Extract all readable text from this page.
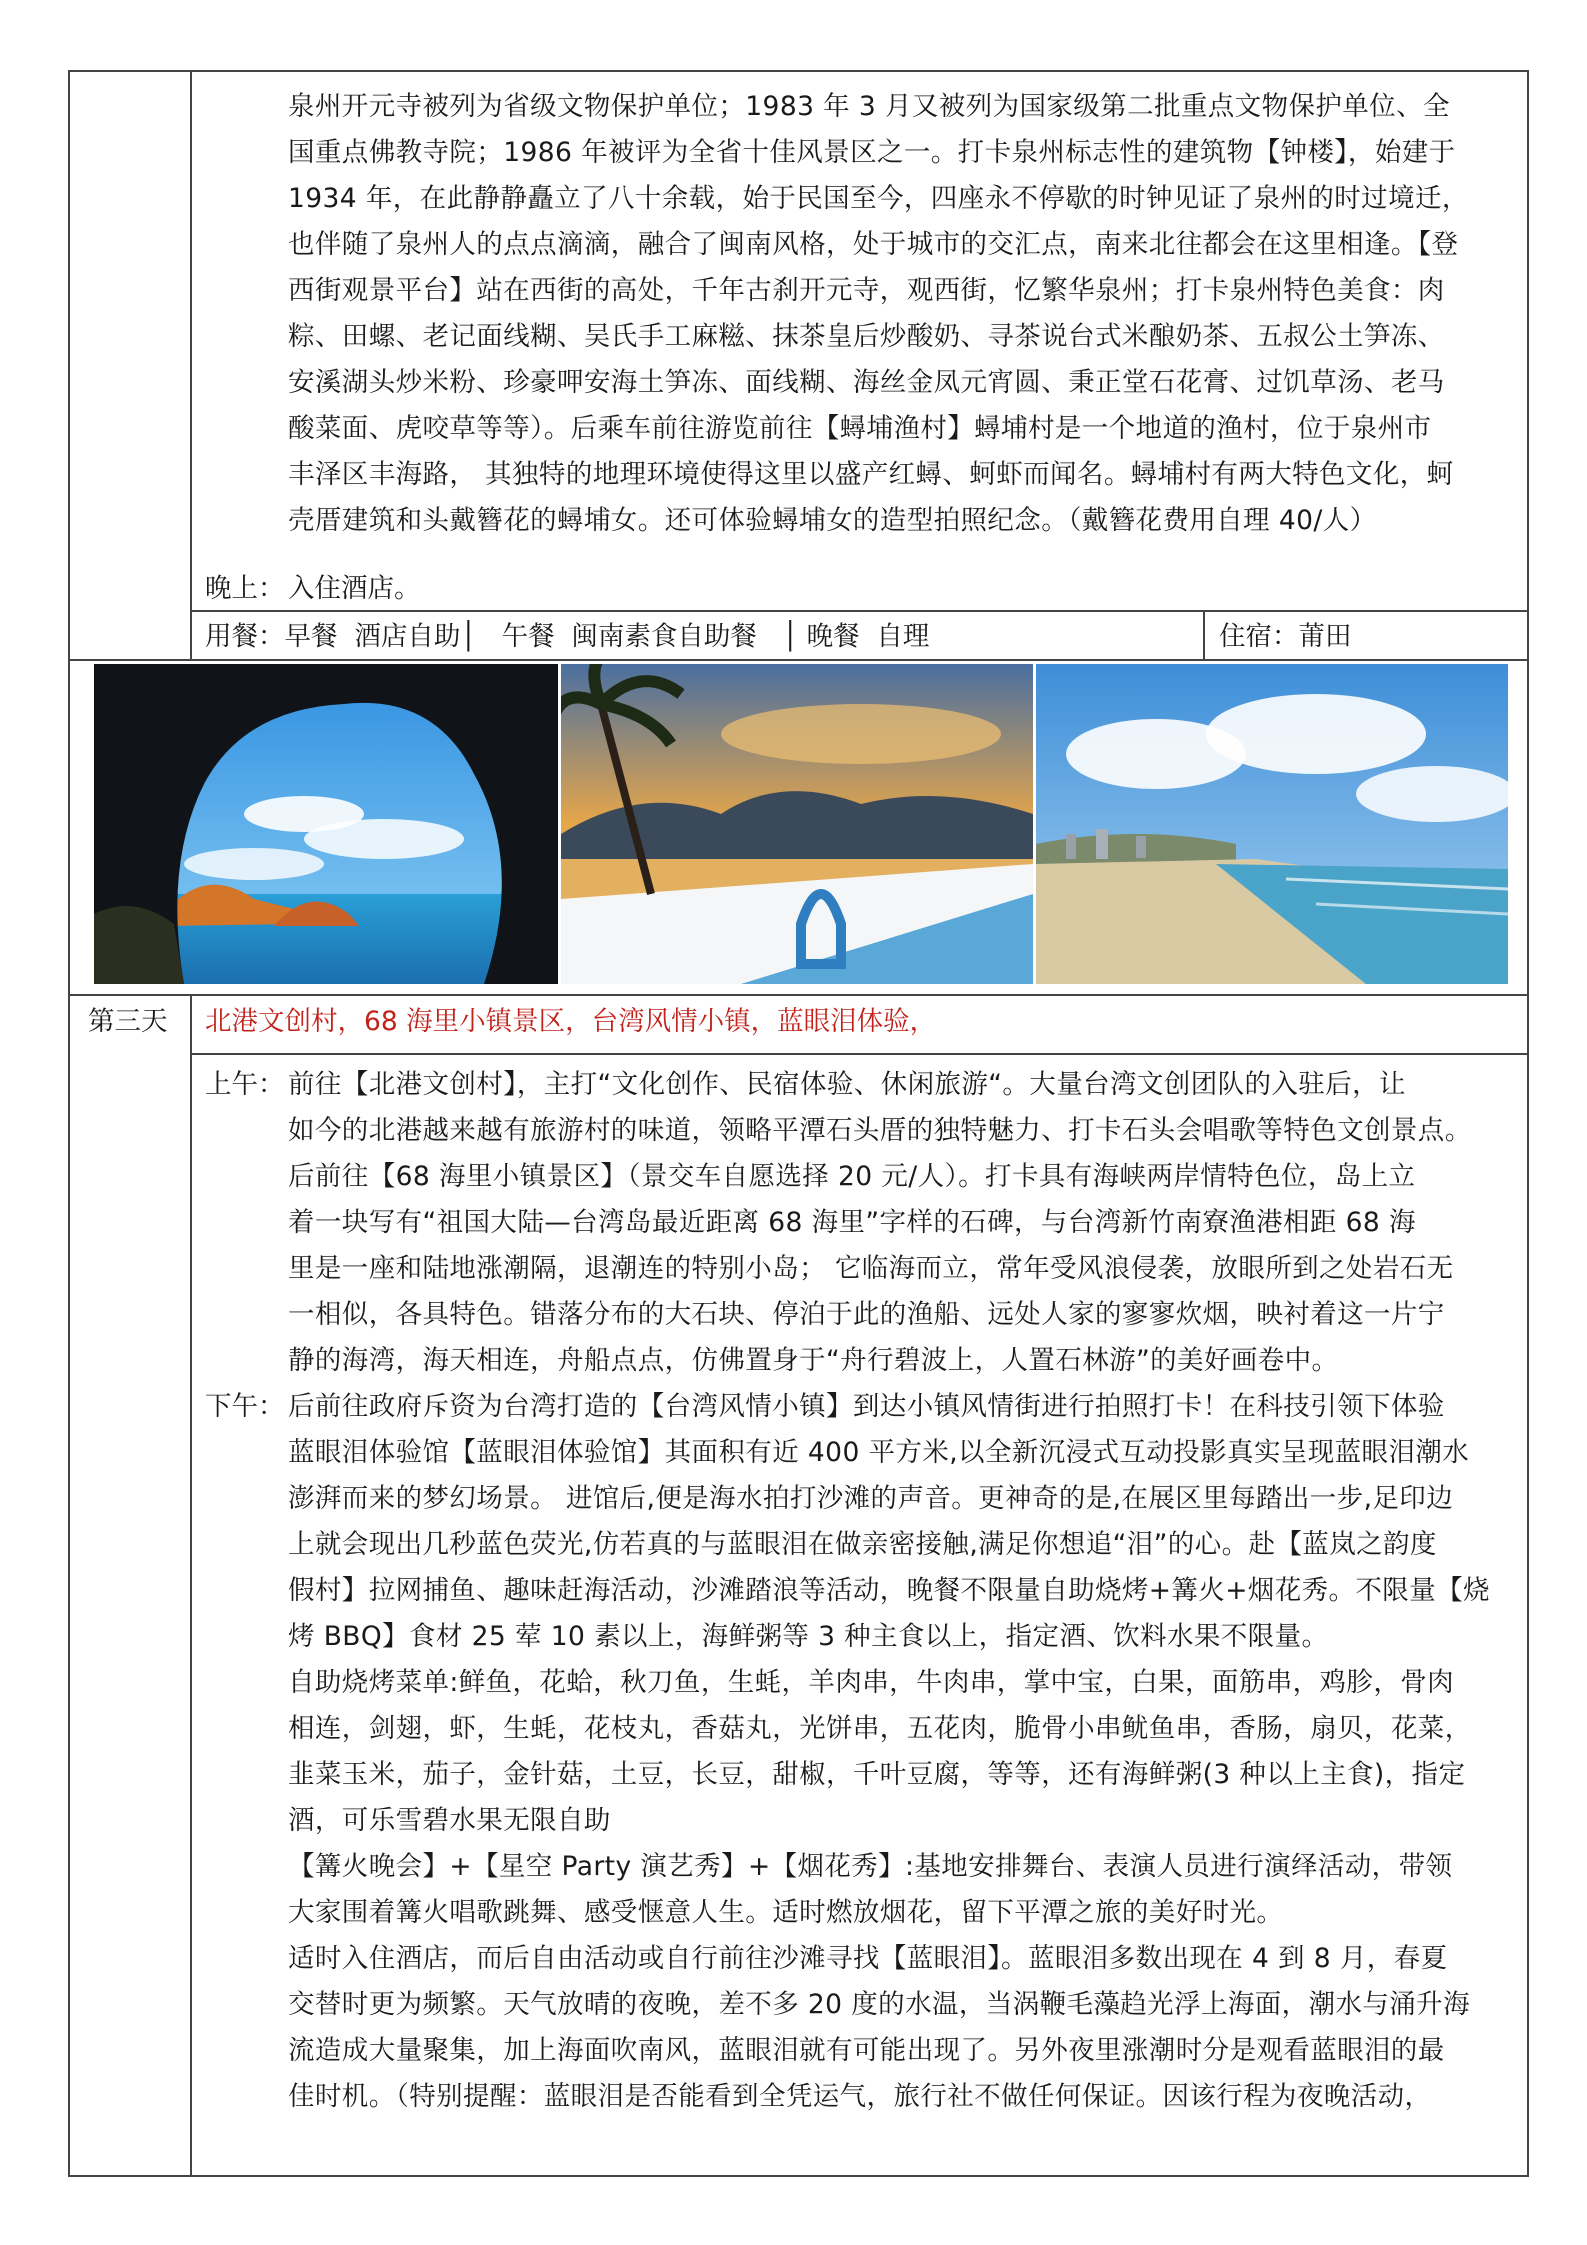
泉州开元寺被列为省级文物保护单位；1983 年 3 月又被列为国家级第二批重点文物保护单位、全
国重点佛教寺院；1986 年被评为全省十佳风景区之一。打卡泉州标志性的建筑物【钟楼】，始建于
1934 年，在此静静矗立了八十余载，始于民国至今，四座永不停歇的时钟见证了泉州的时过境迁，
也伴随了泉州人的点点滴滴，融合了闽南风格，处于城市的交汇点，南来北往都会在这里相逢。【登
西街观景平台】站在西街的高处，千年古刹开元寺，观西街，忆繁华泉州；打卡泉州特色美食：肉
粽、田螺、老记面线糊、吴氏手工麻糍、抹茶皇后炒酸奶、寻茶说台式米酿奶茶、五叔公土笋冻、
安溪湖头炒米粉、珍豪呷安海土笋冻、面线糊、海丝金凤元宵圆、秉正堂石花膏、过饥草汤、老马
酸菜面、虎咬草等等）。后乘车前往游览前往【蟳埔渔村】蟳埔村是一个地道的渔村，位于泉州市
丰泽区丰海路， 其独特的地理环境使得这里以盛产红蟳、蚵虾而闻名。蟳埔村有两大特色文化，蚵
壳厝建筑和头戴簪花的蟳埔女。还可体验蟳埔女的造型拍照纪念。（戴簪花费用自理 40/人）
晚上： 入住酒店。
用餐：早餐  酒店自助│   午餐  闽南素食自助餐   │ 晚餐  自理	住宿：莆田
第三天 北港文创村，68 海里小镇景区，台湾风情小镇，蓝眼泪体验，
上午： 前往【北港文创村】，主打“文化创作、民宿体验、休闲旅游“。大量台湾文创团队的入驻后，让
如今的北港越来越有旅游村的味道，领略平潭石头厝的独特魅力、打卡石头会唱歌等特色文创景点。
后前往【68 海里小镇景区】（景交车自愿选择 20 元/人）。打卡具有海峡两岸情特色位，岛上立
着一块写有“祖国大陆—台湾岛最近距离 68 海里”字样的石碑，与台湾新竹南寮渔港相距 68 海
里是一座和陆地涨潮隔，退潮连的特别小岛； 它临海而立，常年受风浪侵袭，放眼所到之处岩石无
一相似，各具特色。错落分布的大石块、停泊于此的渔船、远处人家的寥寥炊烟，映衬着这一片宁
静的海湾，海天相连，舟船点点，仿佛置身于“舟行碧波上，人置石林游”的美好画卷中。
下午： 后前往政府斥资为台湾打造的【台湾风情小镇】到达小镇风情街进行拍照打卡！在科技引领下体验
蓝眼泪体验馆【蓝眼泪体验馆】其面积有近 400 平方米,以全新沉浸式互动投影真实呈现蓝眼泪潮水
澎湃而来的梦幻场景。 进馆后,便是海水拍打沙滩的声音。更神奇的是,在展区里每踏出一步,足印边
上就会现出几秒蓝色荧光,仿若真的与蓝眼泪在做亲密接触,满足你想追“泪”的心。赴【蓝岚之韵度
假村】拉网捕鱼、趣味赶海活动，沙滩踏浪等活动，晚餐不限量自助烧烤+篝火+烟花秀。不限量【烧
烤 BBQ】食材 25 荤 10 素以上，海鲜粥等 3 种主食以上，指定酒、饮料水果不限量。
自助烧烤菜单:鲜鱼，花蛤，秋刀鱼，生蚝，羊肉串，牛肉串，掌中宝，白果，面筋串，鸡胗，骨肉
相连，剑翅，虾，生蚝，花枝丸，香菇丸，光饼串，五花肉，脆骨小串鱿鱼串，香肠，扇贝，花菜，
韭菜玉米，茄子，金针菇，土豆，长豆，甜椒，千叶豆腐，等等，还有海鲜粥(3 种以上主食)，指定
酒，可乐雪碧水果无限自助
【篝火晚会】+【星空 Party 演艺秀】+【烟花秀】:基地安排舞台、表演人员进行演绎活动，带领
大家围着篝火唱歌跳舞、感受惬意人生。适时燃放烟花，留下平潭之旅的美好时光。
适时入住酒店，而后自由活动或自行前往沙滩寻找【蓝眼泪】。蓝眼泪多数出现在 4 到 8 月，春夏
交替时更为频繁。天气放晴的夜晚，差不多 20 度的水温，当涡鞭毛藻趋光浮上海面，潮水与涌升海
流造成大量聚集，加上海面吹南风，蓝眼泪就有可能出现了。另外夜里涨潮时分是观看蓝眼泪的最
佳时机。（特别提醒：蓝眼泪是否能看到全凭运气，旅行社不做任何保证。因该行程为夜晚活动，
